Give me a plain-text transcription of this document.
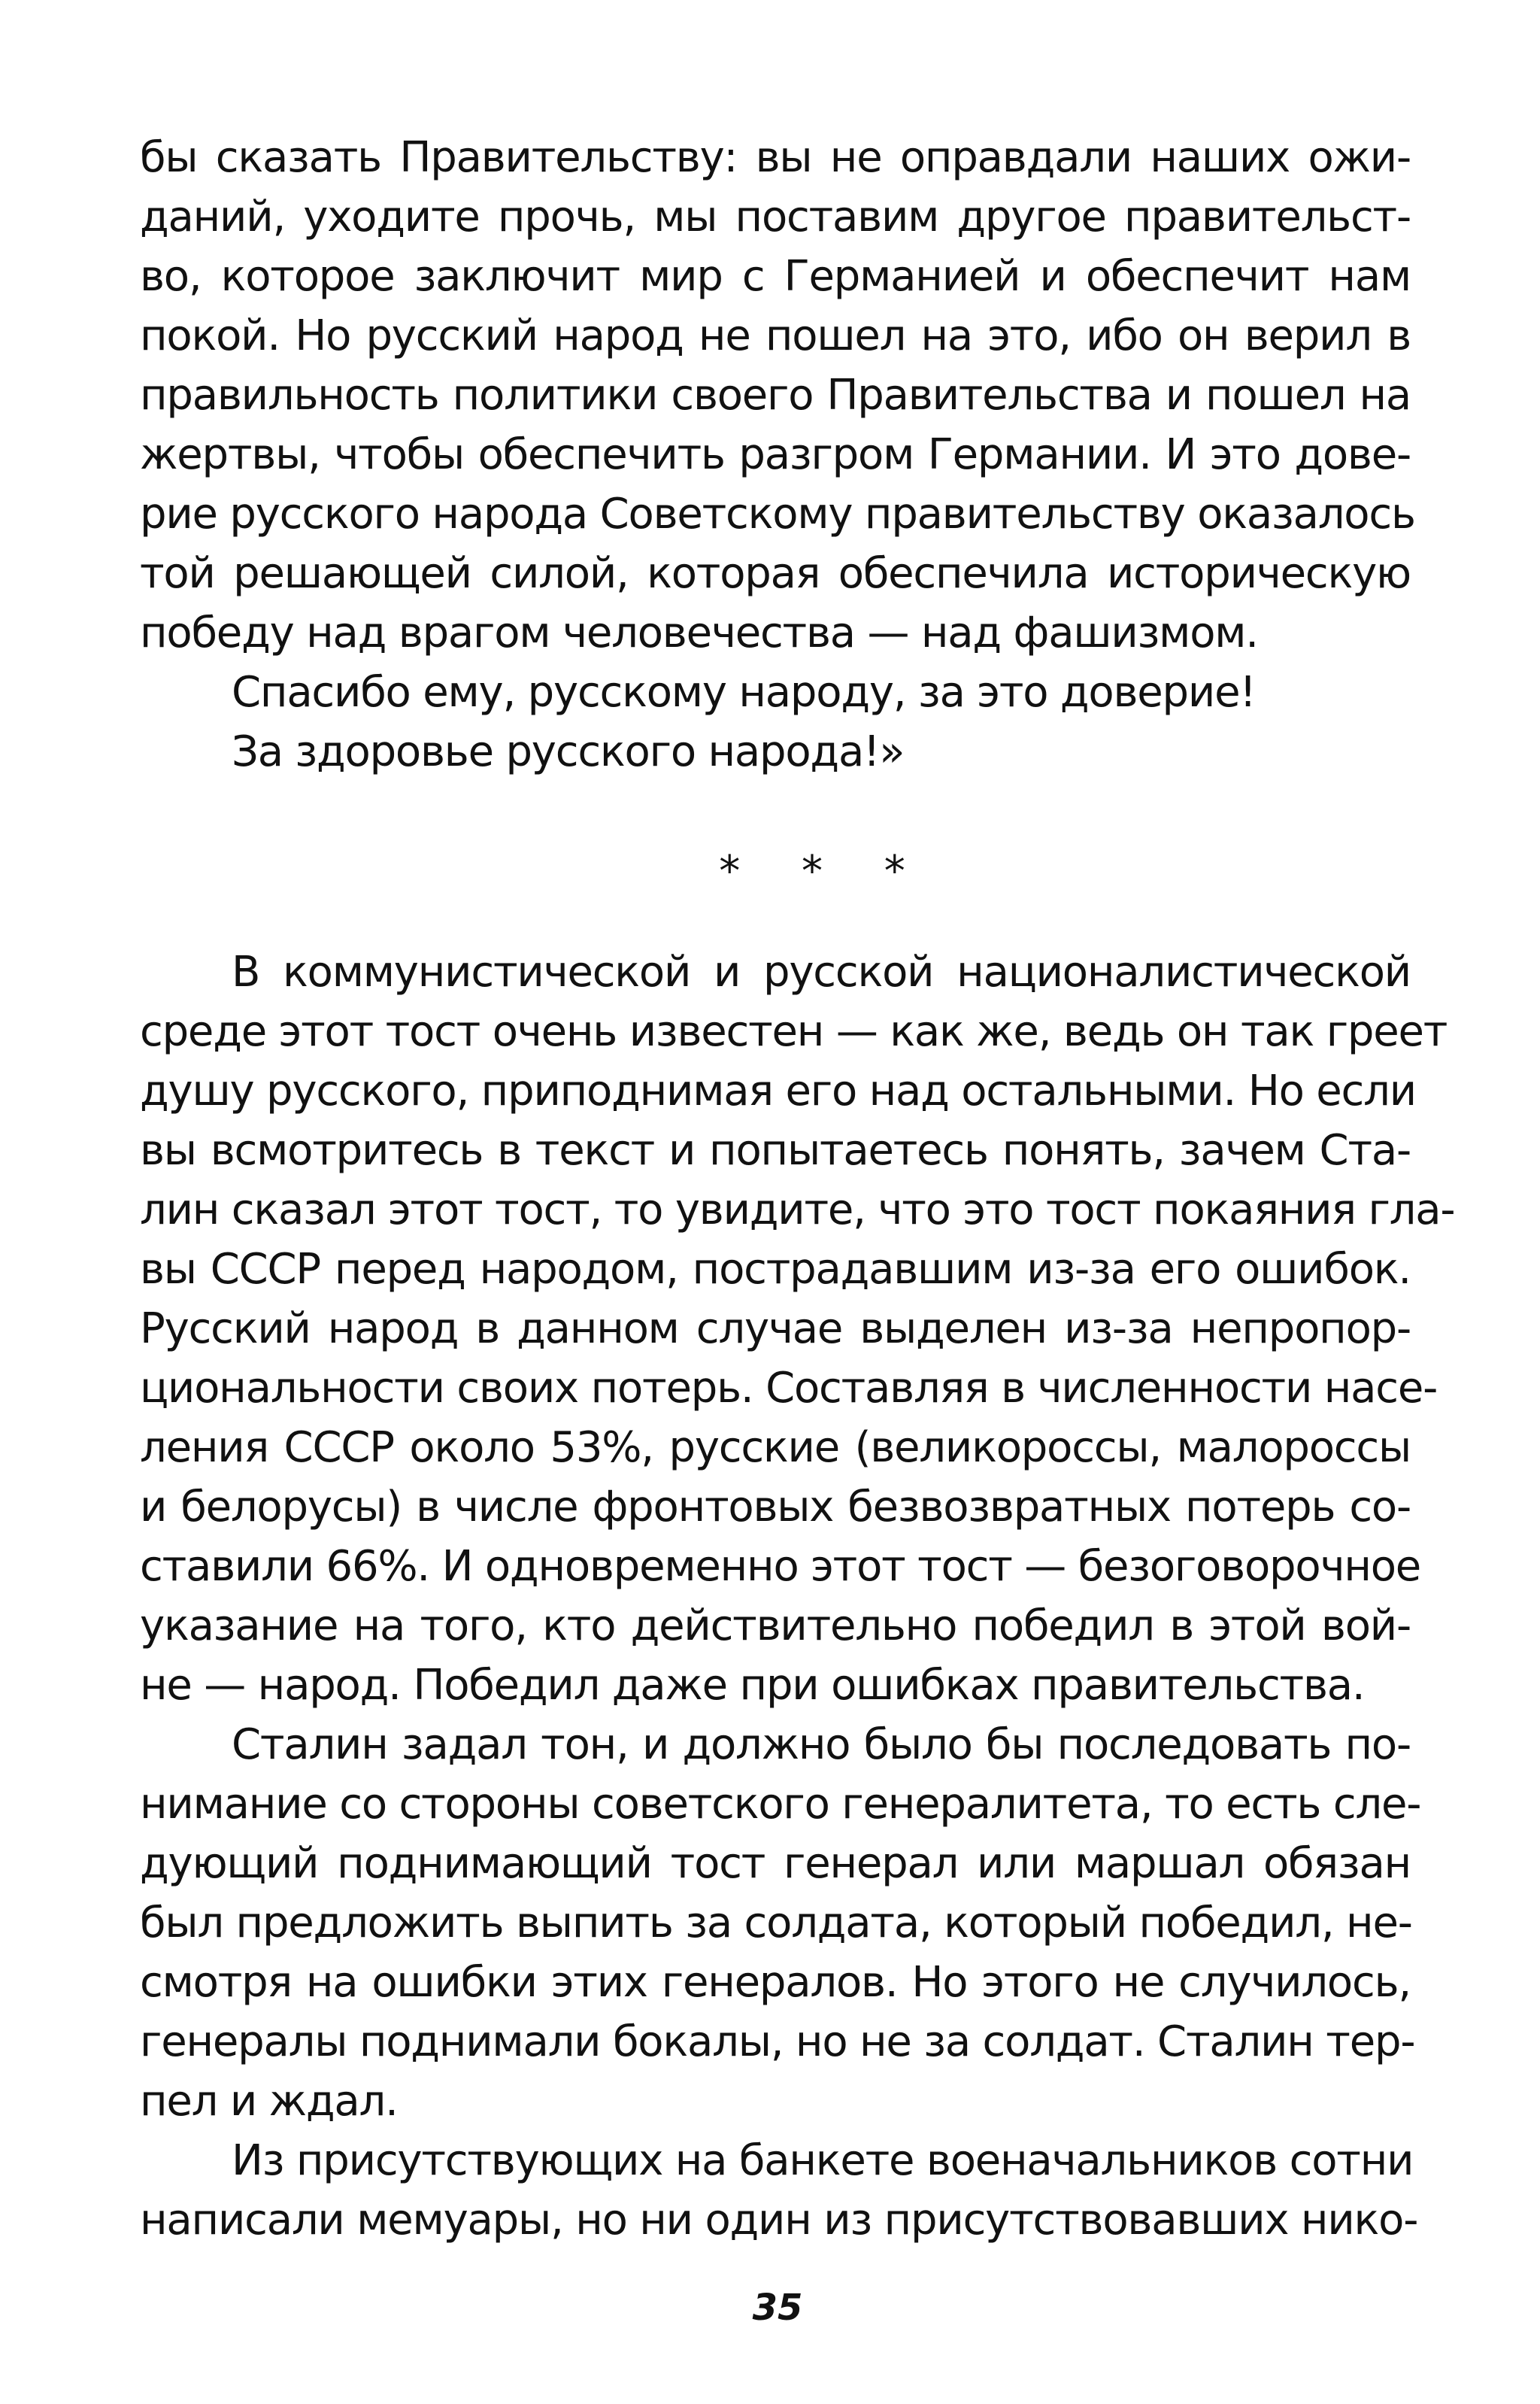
бы сказать Правительству: вы не оправдали наших ожи-
даний, уходите прочь, мы поставим другое правительст-
во, которое заключит мир с Германией и обеспечит нам
покой. Но русский народ не пошел на это, ибо он верил в
правильность политики своего Правительства и пошел на
жертвы, чтобы обеспечить разгром Германии. И это дове-
рие русского народа Советскому правительству оказалось
той решающей силой, которая обеспечила историческую
победу над врагом человечества — над фашизмом.
Спасибо ему, русскому народу, за это доверие!
За здоровье русского народа!»
* * *
В коммунистической и русской националистической
среде этот тост очень известен — как же, ведь он так греет
душу русского, приподнимая его над остальными. Но если
вы всмотритесь в текст и попытаетесь понять, зачем Ста-
лин сказал этот тост, то увидите, что это тост покаяния гла-
вы СССР перед народом, пострадавшим из-за его ошибок.
Русский народ в данном случае выделен из-за непропор-
циональности своих потерь. Составляя в численности насе-
ления СССР около 53%, русские (великороссы, малороссы
и белорусы) в числе фронтовых безвозвратных потерь со-
ставили 66%. И одновременно этот тост — безоговорочное
указание на того, кто действительно победил в этой вой-
не — народ. Победил даже при ошибках правительства.
Сталин задал тон, и должно было бы последовать по-
нимание со стороны советского генералитета, то есть сле-
дующий поднимающий тост генерал или маршал обязан
был предложить выпить за солдата, который победил, не-
смотря на ошибки этих генералов. Но этого не случилось,
генералы поднимали бокалы, но не за солдат. Сталин тер-
пел и ждал.
Из присутствующих на банкете военачальников сотни
написали мемуары, но ни один из присутствовавших нико-
35
